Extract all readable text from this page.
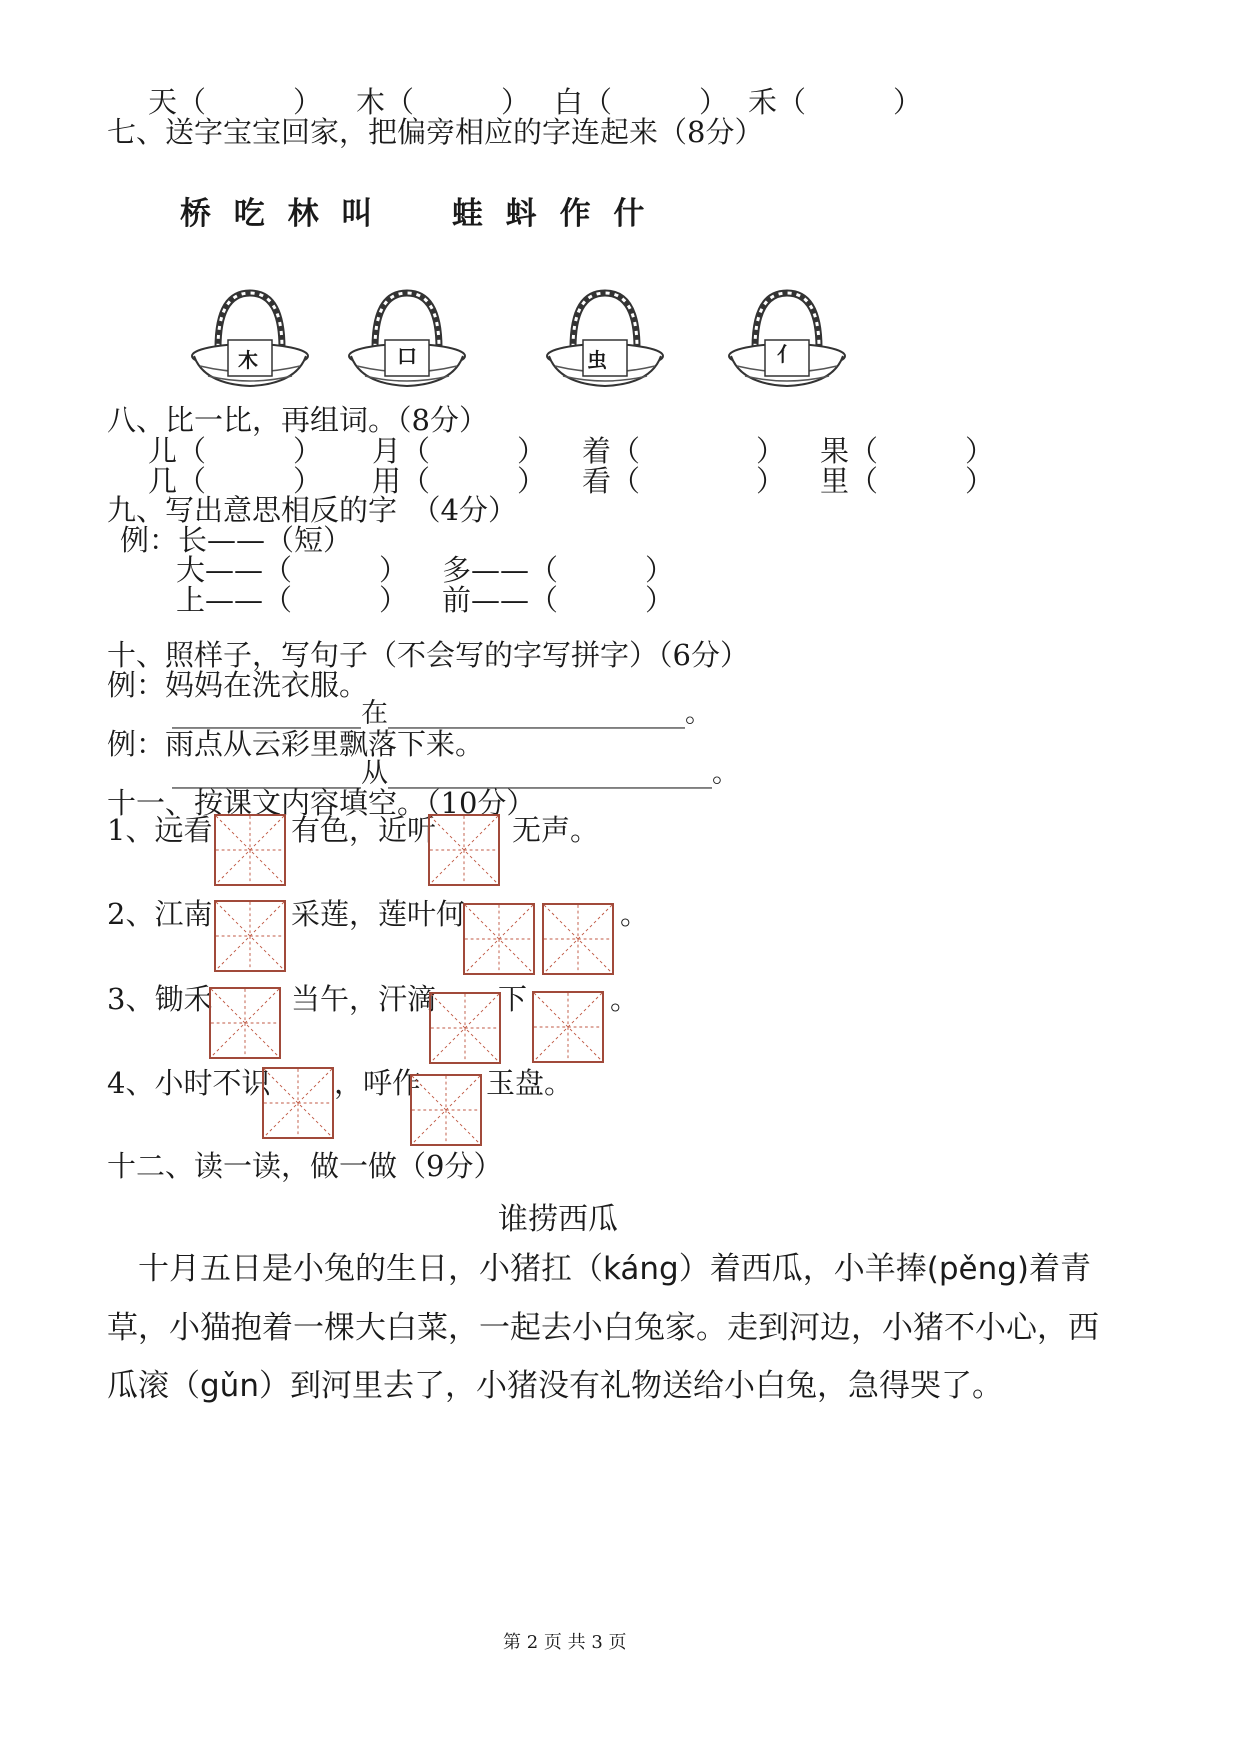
天（　　　） 木（　　　） 白（　　　） 禾（　　　）
七、送字宝宝回家，把偏旁相应的字连起来（8分）
桥 吃 林 叫 蛙 蚪 作 什
木	口	虫	亻
八、比一比，再组词。（8分）
儿（　　　） 月（　　　） 着（　　　　） 果（　　　）
几（　　　） 用（　　　） 看（　　　　） 里（　　　）
九、写出意思相反的字　（4分）
例：长——（短）
大——（　　　） 多——（　　　）
上——（　　　） 前——（　　　）
十、照样子，写句子（不会写的字写拼字）（6分）
例：妈妈在洗衣服。
______________在______________________。
例：雨点从云彩里飘落下来。
______________从________________________。
十一、按课文内容填空。（10分）
1、远看	有色，近听	无声。
2、江南	采莲，莲叶何	。
3、锄禾	当午，汗滴 下	。
4、小时不识 ，呼作 玉盘。
十二、读一读，做一做（9分）
谁捞西瓜
　十月五日是小兔的生日，小猪扛（káng）着西瓜，小羊捧(pěng)着青
草，小猫抱着一棵大白菜，一起去小白兔家。走到河边，小猪不小心，西
瓜滚（gǔn）到河里去了，小猪没有礼物送给小白兔，急得哭了。
第 2 页 共 3 页
